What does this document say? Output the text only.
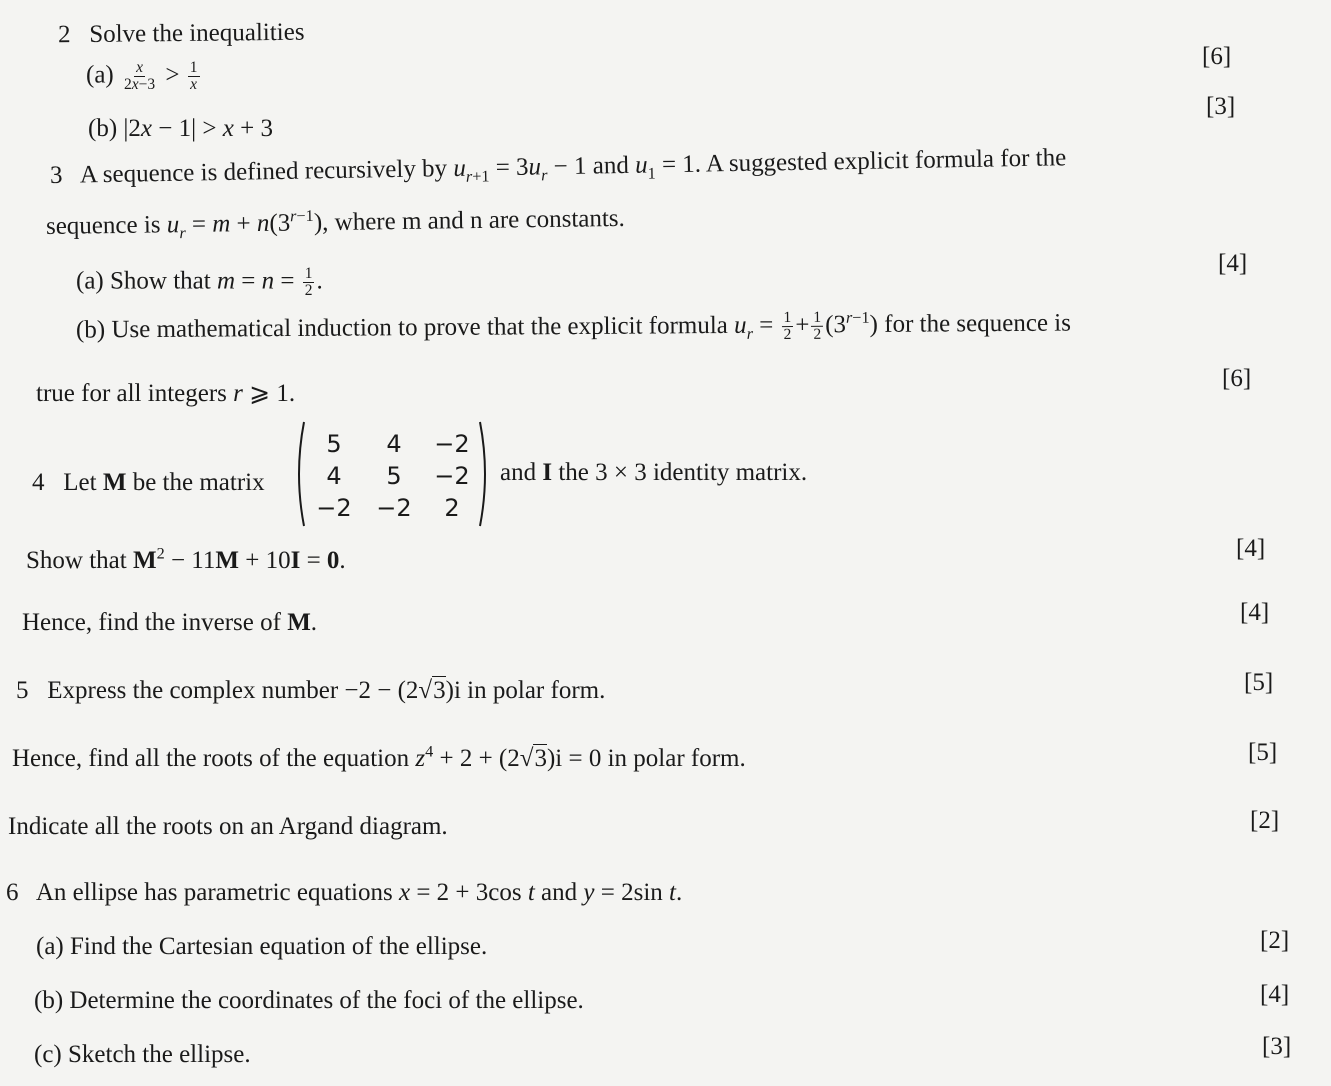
2 Solve the inequalities
$(a) \frac{x}{2x-3} > \frac{1}{x}$
[6]
(b) |2x − 1| > x + 3
[3]
3 A sequence is defined recursively by $u_{r+1} = 3u_r - 1$ and $u_1 = 1$. A suggested explicit formula for the
sequence is $u_r = m + n(3^{r-1})$, where m and n are constants.
(a) Show that $m = n = \frac{1}{2}$ .
[4]
(b) Use mathematical induction to prove that the explicit formula $u_r = \frac{1}{2} + \frac{1}{2} (3^{r-1})$ for the sequence is
true for all integers r ⩾ 1.
[6]
4 Let M be the matrix
5	4	−2
4	5	−2
−2	−2	2
and I the 3 × 3 identity matrix.
Show that $M^2 - 11M + 10I = 0$.	[4]
Hence, find the inverse of M.	[4]
5 Express the complex number −2 − (2√3)i in polar form.	[5]
Hence, find all the roots of the equation $z^4 + 2 + (2√3)i = 0$ in polar form.	[5]
Indicate all the roots on an Argand diagram.	[2]
6 An ellipse has parametric equations x = 2 + 3cos t and y = 2sin t.
(a) Find the Cartesian equation of the ellipse.	[2]
(b) Determine the coordinates of the foci of the ellipse.	[4]
(c) Sketch the ellipse.	[3]
